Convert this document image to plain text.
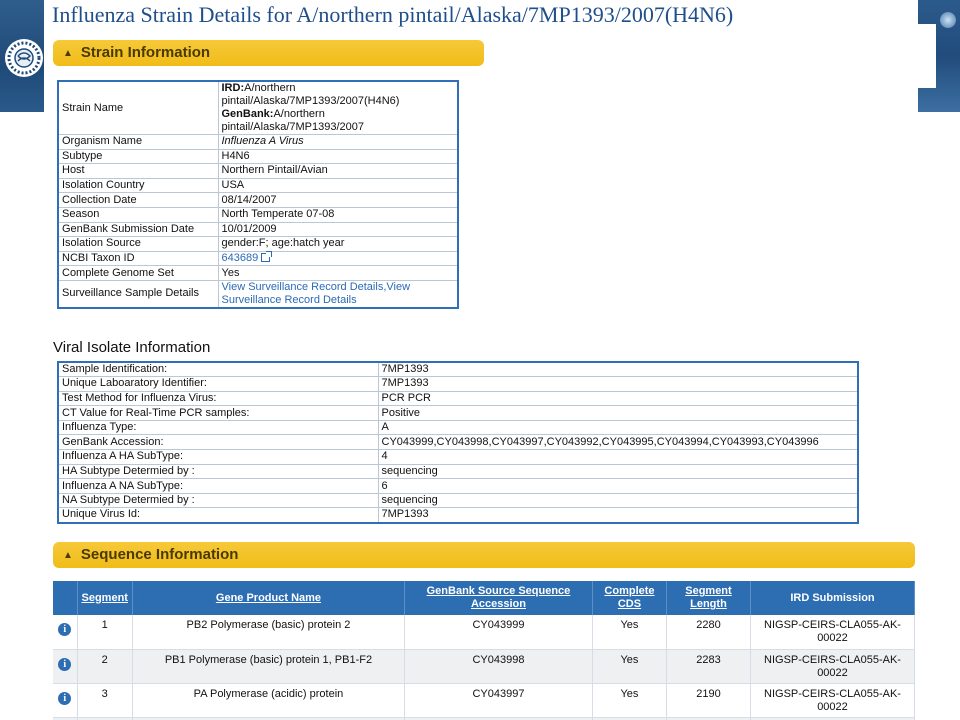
Influenza Strain Details for A/northern pintail/Alaska/7MP1393/2007(H4N6)
▲ Strain Information
Strain Name	IRD:A/northern pintail/Alaska/7MP1393/2007(H4N6)
GenBank:A/northern pintail/Alaska/7MP1393/2007
Organism Name	Influenza A Virus
Subtype	H4N6
Host	Northern Pintail/Avian
Isolation Country	USA
Collection Date	08/14/2007
Season	North Temperate 07-08
GenBank Submission Date	10/01/2009
Isolation Source	gender:F; age:hatch year
NCBI Taxon ID	643689
Complete Genome Set	Yes
Surveillance Sample Details	View Surveillance Record Details,View Surveillance Record Details
Viral Isolate Information
Sample Identification:	7MP1393
Unique Laboaratory Identifier:	7MP1393
Test Method for Influenza Virus:	PCR PCR
CT Value for Real-Time PCR samples:	Positive
Influenza Type:	A
GenBank Accession:	CY043999,CY043998,CY043997,CY043992,CY043995,CY043994,CY043993,CY043996
Influenza A HA SubType:	4
HA Subtype Determied by :	sequencing
Influenza A NA SubType:	6
NA Subtype Determied by :	sequencing
Unique Virus Id:	7MP1393
▲ Sequence Information
	Segment	Gene Product Name	GenBank Source Sequence Accession	Complete CDS	Segment Length	IRD Submission
i	1	PB2 Polymerase (basic) protein 2	CY043999	Yes	2280	NIGSP-CEIRS-CLA055-AK-00022
i	2	PB1 Polymerase (basic) protein 1, PB1-F2	CY043998	Yes	2283	NIGSP-CEIRS-CLA055-AK-00022
i	3	PA Polymerase (acidic) protein	CY043997	Yes	2190	NIGSP-CEIRS-CLA055-AK-00022
